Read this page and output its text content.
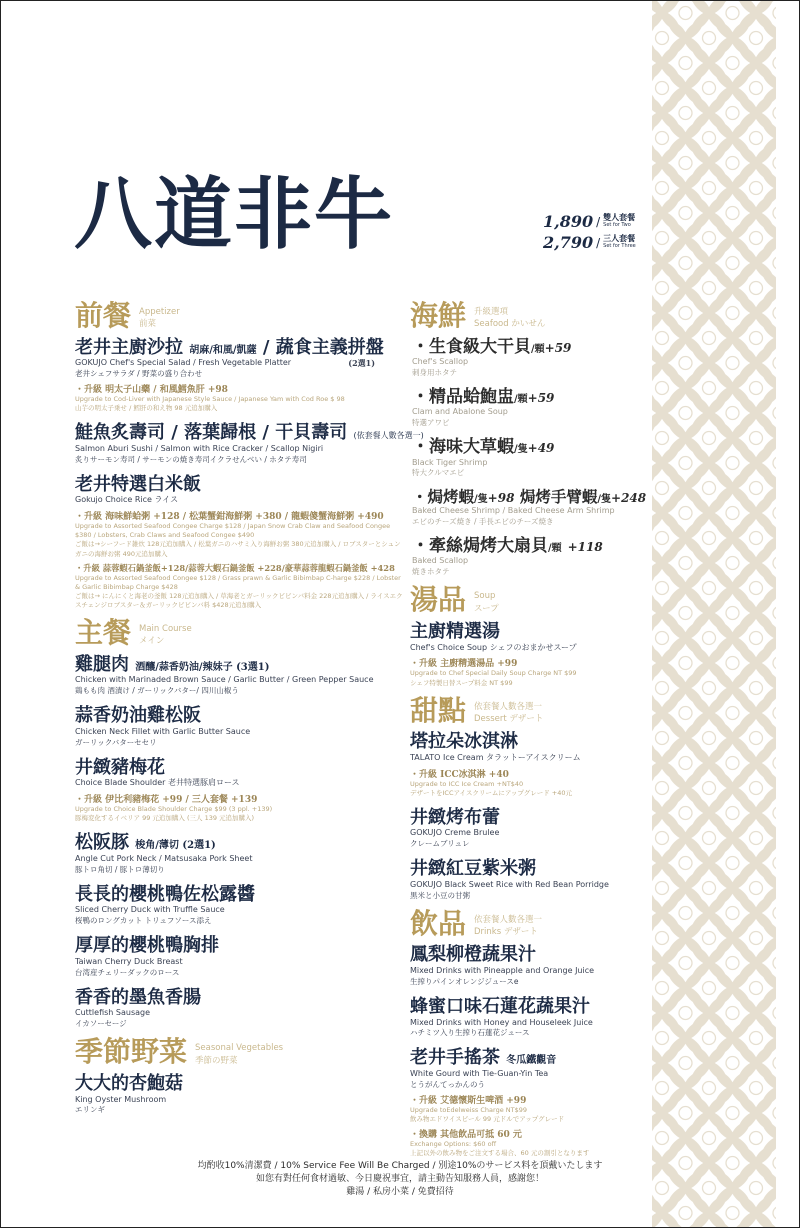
八道非牛	1,890 / 雙人套餐
Set for Two
2,790 / 三人套餐
Set for Three
前餐 Appetizer
前菜
老井主廚沙拉 胡麻/和風/凱薩 / 蔬食主義拼盤
GOKUJO Chef's Special Salad / Fresh Vegetable Platter	(2選1)
老井シェフサラダ / 野菜の盛り合わせ
・升級 明太子山藥 / 和風鱈魚肝 +98
Upgrade to Cod-Liver with Japanese Style Sauce / Japanese Yam with Cod Roe $ 98
山芋の明太子乗せ / 鱈肝の和え物 98 元追加購入
鮭魚炙壽司 / 落葉歸根 / 干貝壽司 (依套餐人數各選一)
Salmon Aburi Sushi / Salmon with Rice Cracker / Scallop Nigiri
炙りサーモン寿司 / サーモンの焼き寿司イクラせんべい / ホタテ寿司
老井特選白米飯
Gokujo Choice Rice ライス
・升級 海味鮮蛤粥 +128 / 松葉蟹鉗海鮮粥 +380 / 龍蝦傻蟹海鮮粥 +490
Upgrade to Assorted Seafood Congee Charge $128 / Japan Snow Crab Claw and Seafood Congee $380 / Lobsters, Crab Claws and Seafood Congee $490
ご飯は→シーフード雑炊 128元追加購入 / 松葉ガニのハサミ入り海鮮お粥 380元追加購入 / ロブスターとシュンガニの海鮮お粥 490元追加購入
・升級 蒜蓉蝦石鍋釜飯+128/蒜蓉大蝦石鍋釜飯 +228/豪華蒜蓉龍蝦石鍋釜飯 +428
Upgrade to Assorted Seafood Congee $128 / Grass prawn & Garlic Bibimbap C-harge $228 / Lobster & Garlic Bibimbap Charge $428
ご飯は→ にんにくと海老の釜飯 128元追加購入 / 草海老とガーリックビビンバ料金 228元追加購入 / ライスエクスチェンジロブスター＆ガーリックビビンバ料 $428元追加購入
主餐 Main Course
メイン
雞腿肉 酒釀/蒜香奶油/辣妹子 (3選1)
Chicken with Marinaded Brown Sauce / Garlic Butter / Green Pepper Sauce
鶏もも肉 酒漬け / ガーリックバター/ 四川山椒う
蒜香奶油雞松阪
Chicken Neck Fillet with Garlic Butter Sauce
ガーリックバターセセリ
井緻豬梅花
Choice Blade Shoulder 老井特選豚肩ロース
・升級 伊比利豬梅花 +99 / 三人套餐 +139
Upgrade to Choice Blade Shoulder Charge $99 (3 ppl. +139)
豚梅変化するイベリア 99 元追加購入 (三人 139 元追加購入)
松阪豚 梭角/薄切 (2選1)
Angle Cut Pork Neck / Matsusaka Pork Sheet
豚トロ角切 / 豚トロ薄切り
長長的櫻桃鴨佐松露醬
Sliced Cherry Duck with Truffle Sauce
桜鴨のロングカット トリュフソース添え
厚厚的櫻桃鴨胸排
Taiwan Cherry Duck Breast
台湾産チェリーダックのロース
香香的墨魚香腸
Cuttlefish Sausage
イカソーセージ
季節野菜 Seasonal Vegetables
季節の野菜
大大的杏鮑菇
King Oyster Mushroom
エリンギ
海鮮 升級選項
Seafood かいせん
・生食級大干貝/顆+59
Chef's Scallop
刺身用ホタテ
・精品蛤鮑盅/顆+59
Clam and Abalone Soup
特選アワビ
・海味大草蝦/隻+49
Black Tiger Shrimp
特大クルマエビ
・焗烤蝦/隻+98 焗烤手臂蝦/隻+248
Baked Cheese Shrimp / Baked Cheese Arm Shrimp
エビのチーズ焼き / 手長エビのチーズ焼き
・牽絲焗烤大扇貝/顆 +118
Baked Scallop
焼きホタテ
湯品 Soup
スープ
主廚精選湯
Chef's Choice Soup シェフのおまかせスープ
・升級 主廚精選湯品 +99
Upgrade to Chef Special Daily Soup Charge NT $99
シェフ特製日替スープ料金 NT $99
甜點 依套餐人數各選一
Dessert デザート
塔拉朵冰淇淋
TALATO Ice Cream タラットーアイスクリーム
・升級 ICC冰淇淋 +40
Upgrade to ICC Ice Cream +NT$40
デザートをICCアイスクリームにアップグレード +40元
井緻烤布蕾
GOKUJO Creme Brulee
クレームブリュレ
井緻紅豆紫米粥
GOKUJO Black Sweet Rice with Red Bean Porridge
黒米と小豆の甘粥
飲品 依套餐人數各選一
Drinks デザート
鳳梨柳橙蔬果汁
Mixed Drinks with Pineapple and Orange Juice
生搾りパインオレンジジュースe
蜂蜜口味石蓮花蔬果汁
Mixed Drinks with Honey and Houseleek Juice
ハチミツ入り生搾り石蓮花ジュース
老井手搖茶 冬瓜鐵觀音
White Gourd with Tie-Guan-Yin Tea
とうがんてっかんのう
・升級 艾德懷斯生啤酒 +99
Upgrade toEdelweiss Charge NT$99
飲み物エドワイスビール 99 元ドルでアップグレード
・換購 其他飲品可抵 60 元
Exchange Options: $60 off
上記以外の飲み物をご注文する場合、60 元の割引となります
均酌收10%清潔費 / 10% Service Fee Will Be Charged / 別途10%のサービス料を頂戴いたします
如您有對任何食材過敏、今日慶祝事宜，請主動告知服務人員，感謝您！
雞湯 / 私房小菜 / 免費招待
